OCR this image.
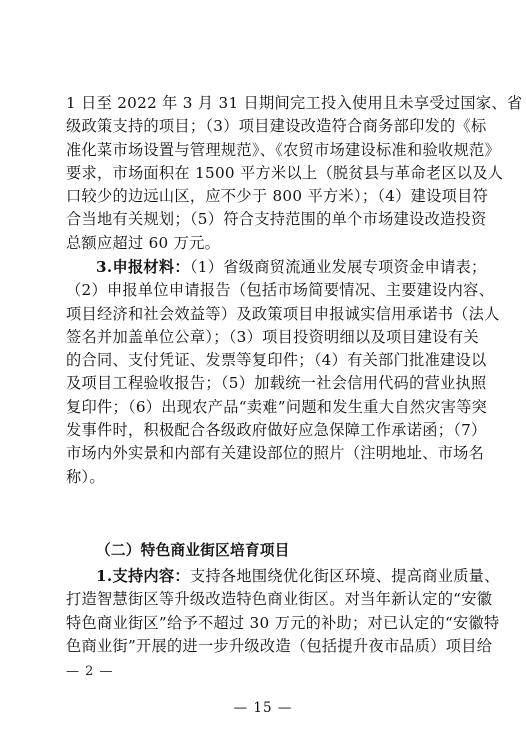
1 日至 2022 年 3 月 31 日期间完工投入使用且未享受过国家、省
级政策支持的项目；（3）项目建设改造符合商务部印发的《标
准化菜市场设置与管理规范》、《农贸市场建设标准和验收规范》
要求，市场面积在 1500 平方米以上（脱贫县与革命老区以及人
口较少的边远山区，应不少于 800 平方米）；（4）建设项目符
合当地有关规划；（5）符合支持范围的单个市场建设改造投资
总额应超过 60 万元。
3.申报材料：（1）省级商贸流通业发展专项资金申请表；
（2）申报单位申请报告（包括市场简要情况、主要建设内容、
项目经济和社会效益等）及政策项目申报诚实信用承诺书（法人
签名并加盖单位公章）；（3）项目投资明细以及项目建设有关
的合同、支付凭证、发票等复印件；（4）有关部门批准建设以
及项目工程验收报告；（5）加载统一社会信用代码的营业执照
复印件；（6）出现农产品“卖难”问题和发生重大自然灾害等突
发事件时，积极配合各级政府做好应急保障工作承诺函；（7）
市场内外实景和内部有关建设部位的照片（注明地址、市场名
称）。
（二）特色商业街区培育项目
1.支持内容：支持各地围绕优化街区环境、提高商业质量、
打造智慧街区等升级改造特色商业街区。对当年新认定的“安徽
特色商业街区”给予不超过 30 万元的补助；对已认定的“安徽特
色商业街”开展的进一步升级改造（包括提升夜市品质）项目给
— 2 —
— 15 —
